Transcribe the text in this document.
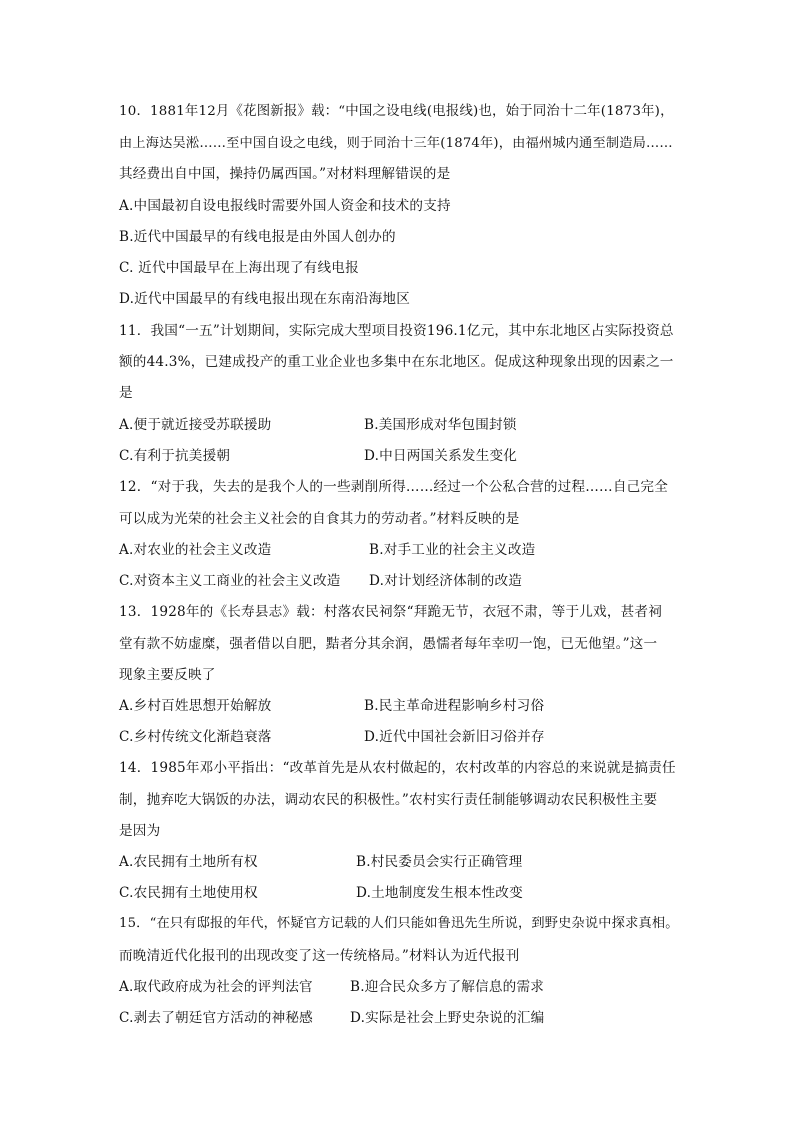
10．1881年12月《花图新报》载：“中国之设电线(电报线)也，始于同治十二年(1873年)，
由上海达吴淞……至中国自设之电线，则于同治十三年(1874年)，由福州城内通至制造局……
其经费出自中国，操持仍属西国。”对材料理解错误的是
A.中国最初自设电报线时需要外国人资金和技术的支持
B.近代中国最早的有线电报是由外国人创办的
C. 近代中国最早在上海出现了有线电报
D.近代中国最早的有线电报出现在东南沿海地区
11．我国“一五”计划期间，实际完成大型项目投资196.1亿元，其中东北地区占实际投资总
额的44.3%，已建成投产的重工业企业也多集中在东北地区。促成这种现象出现的因素之一
是
A.便于就近接受苏联援助	B.美国形成对华包围封锁
C.有利于抗美援朝	D.中日两国关系发生变化
12．“对于我，失去的是我个人的一些剥削所得……经过一个公私合营的过程……自己完全
可以成为光荣的社会主义社会的自食其力的劳动者。”材料反映的是
A.对农业的社会主义改造	B.对手工业的社会主义改造
C.对资本主义工商业的社会主义改造 D.对计划经济体制的改造
13．1928年的《长寿县志》载：村落农民祠祭“拜跪无节，衣冠不肃，等于儿戏，甚者祠
堂有款不妨虚糜，强者借以自肥，黠者分其余润，愚懦者每年幸叨一饱，已无他望。”这一
现象主要反映了
A.乡村百姓思想开始解放	B.民主革命进程影响乡村习俗
C.乡村传统文化渐趋衰落	D.近代中国社会新旧习俗并存
14．1985年邓小平指出：“改革首先是从农村做起的，农村改革的内容总的来说就是搞责任
制，抛弃吃大锅饭的办法，调动农民的积极性。”农村实行责任制能够调动农民积极性主要
是因为
A.农民拥有土地所有权	B.村民委员会实行正确管理
C.农民拥有土地使用权	D.土地制度发生根本性改变
15．“在只有邸报的年代，怀疑官方记载的人们只能如鲁迅先生所说，到野史杂说中探求真相。
而晚清近代化报刊的出现改变了这一传统格局。”材料认为近代报刊
A.取代政府成为社会的评判法官	B.迎合民众多方了解信息的需求
C.剥去了朝廷官方活动的神秘感	D.实际是社会上野史杂说的汇编
